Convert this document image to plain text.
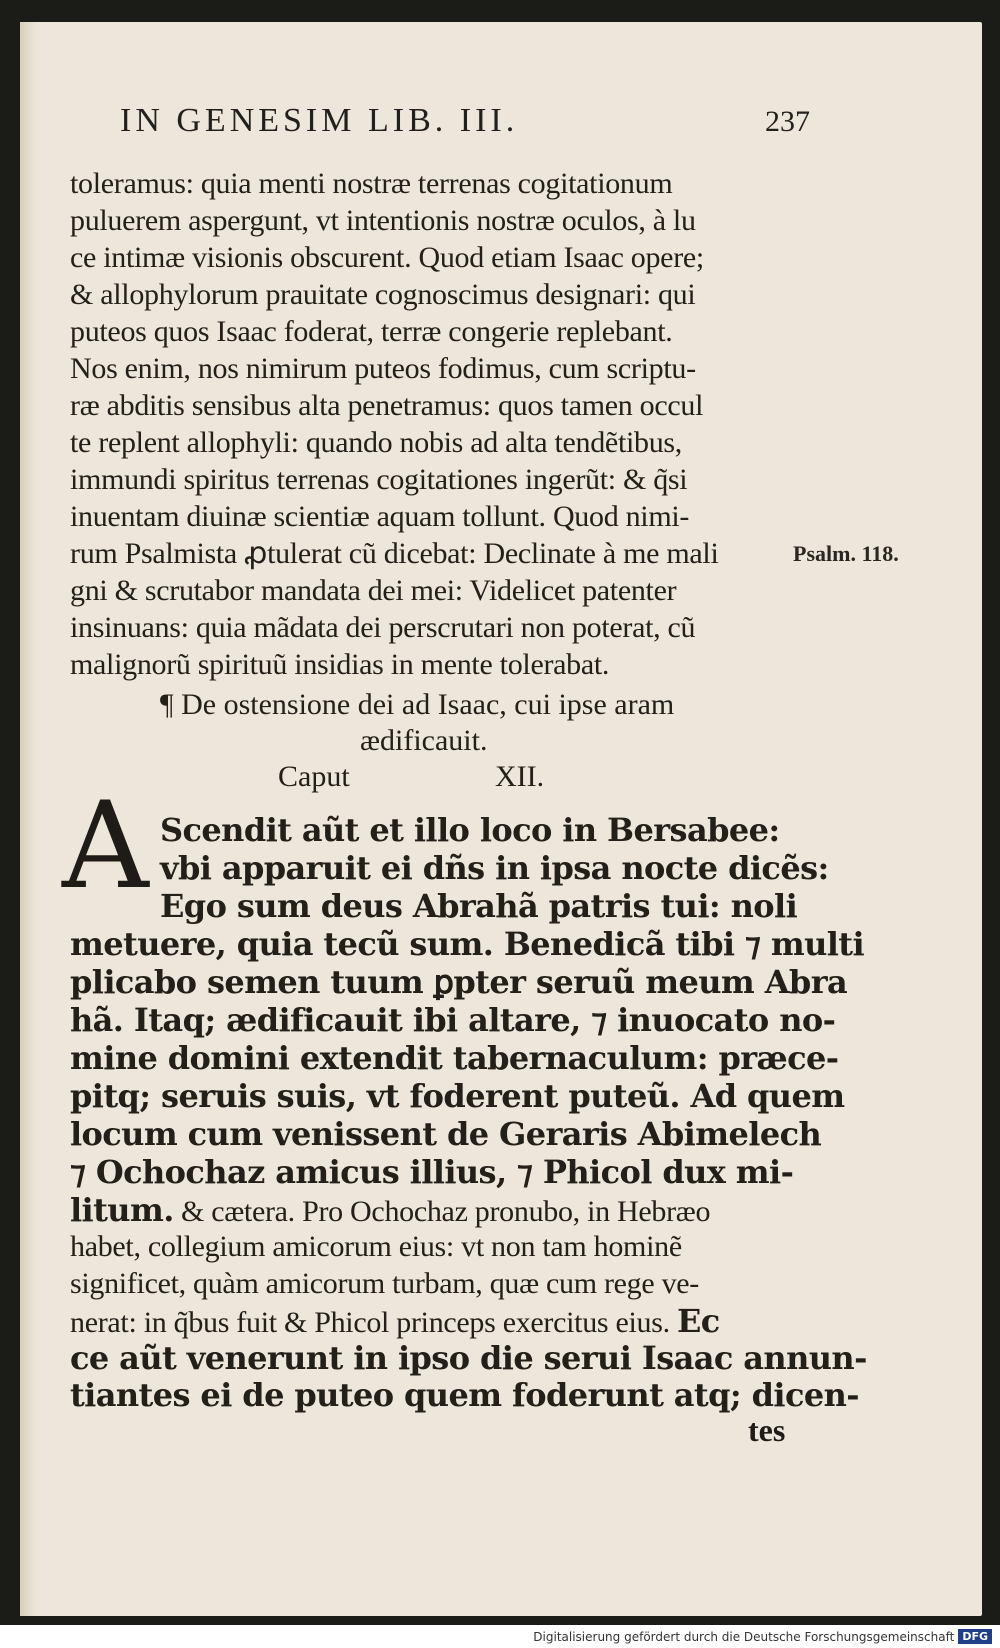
IN GENESIM LIB. III.	237
toleramus: quia menti nostræ terrenas cogitationum
puluerem aspergunt, vt intentionis nostræ oculos, à lu
ce intimæ visionis obscurent. Quod etiam Isaac opere;
& allophylorum prauitate cognoscimus designari: qui
puteos quos Isaac foderat, terræ congerie replebant.
Nos enim, nos nimirum puteos fodimus, cum scriptu-
ræ abditis sensibus alta penetramus: quos tamen occul
te replent allophyli: quando nobis ad alta tendẽtibus,
immundi spiritus terrenas cogitationes ingerũt: & q̃si
inuentam diuinæ scientiæ aquam tollunt. Quod nimi-
rum Psalmista ꝓtulerat cũ dicebat: Declinate à me mali
gni & scrutabor mandata dei mei: Videlicet patenter
insinuans: quia mãdata dei perscrutari non poterat, cũ
malignorũ spirituũ insidias in mente tolerabat.
¶ De ostensione dei ad Isaac, cui ipse aram
ædificauit.
Caput	XII.
A Scendit aũt et illo loco in Bersabee:
vbi apparuit ei dñs in ipsa nocte dicẽs:
Ego sum deus Abrahã patris tui: noli
metuere, quia tecũ sum. Benedicã tibi ⁊ multi
plicabo semen tuum ꝑpter seruũ meum Abra
hã. Itaq; ædificauit ibi altare, ⁊ inuocato no-
mine domini extendit tabernaculum: præce-
pitq; seruis suis, vt foderent puteũ. Ad quem
locum cum venissent de Geraris Abimelech
⁊ Ochochaz amicus illius, ⁊ Phicol dux mi-
litum. & cætera. Pro Ochochaz pronubo, in Hebræo
habet, collegium amicorum eius: vt non tam hominẽ
significet, quàm amicorum turbam, quæ cum rege ve-
nerat: in q̃bus fuit & Phicol princeps exercitus eius. Ec
ce aũt venerunt in ipso die serui Isaac annun-
tiantes ei de puteo quem foderunt atq; dicen-
tes
Psalm. 118.
Digitalisierung gefördert durch die Deutsche Forschungsgemeinschaft DFG
